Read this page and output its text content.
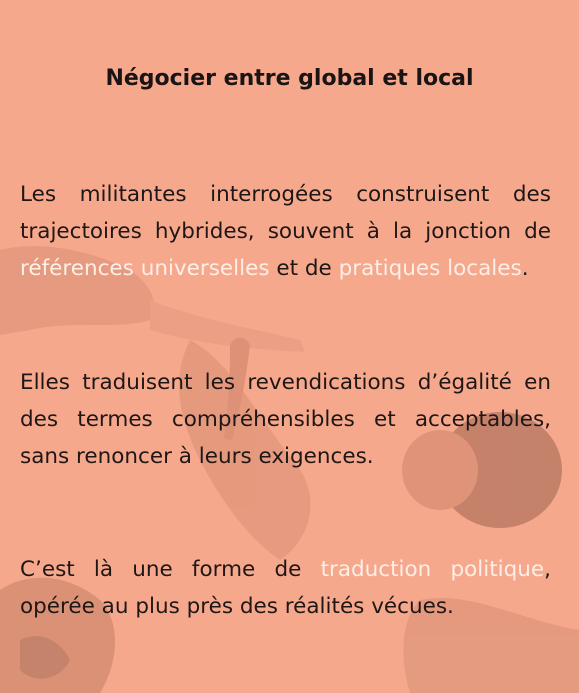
Négocier entre global et local

Les militantes interrogées construisent des trajectoires hybrides, souvent à la jonction de références universelles et de pratiques locales.

Elles traduisent les revendications d’égalité en des termes compréhensibles et acceptables, sans renoncer à leurs exigences.

C’est là une forme de traduction politique, opérée au plus près des réalités vécues.
